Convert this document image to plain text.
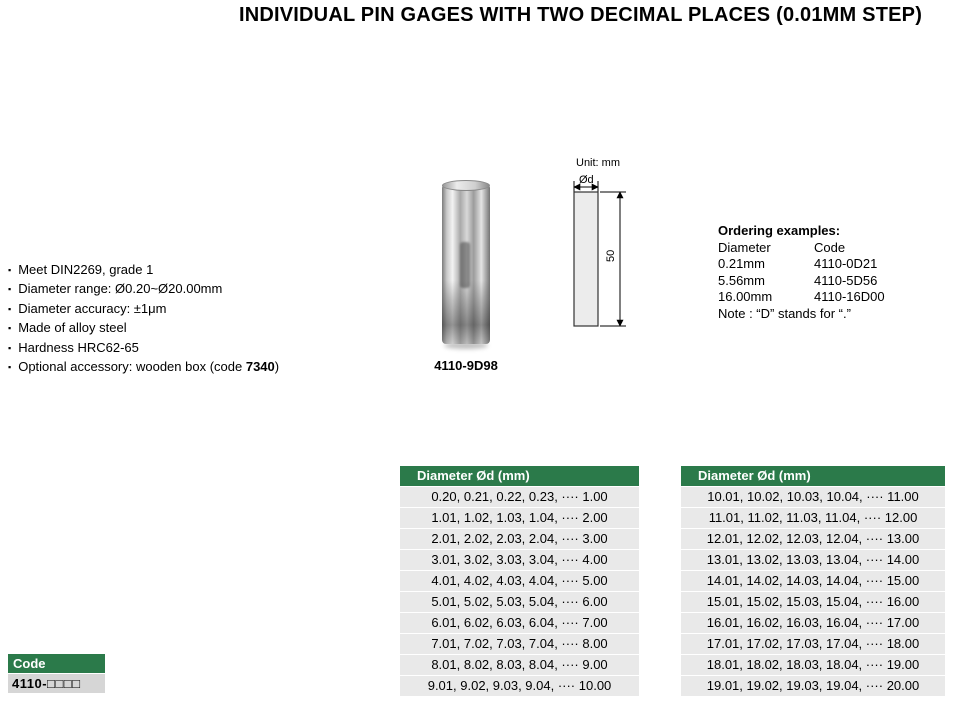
INDIVIDUAL PIN GAGES WITH TWO DECIMAL PLACES (0.01MM STEP)
▪ Meet DIN2269, grade 1
▪ Diameter range: Ø0.20~Ø20.00mm
▪ Diameter accuracy: ±1μm
▪ Made of alloy steel
▪ Hardness HRC62-65
▪ Optional accessory: wooden box (code 7340)	4110-9D98
Unit: mm
Ød
50
Ordering examples:
Diameter	Code
0.21mm	4110-0D21
5.56mm	4110-5D56
16.00mm	4110-16D00
Note : “D” stands for “.”
Diameter Ød (mm)
0.20, 0.21, 0.22, 0.23, ···· 1.00
1.01, 1.02, 1.03, 1.04, ···· 2.00
2.01, 2.02, 2.03, 2.04, ···· 3.00
3.01, 3.02, 3.03, 3.04, ···· 4.00
4.01, 4.02, 4.03, 4.04, ···· 5.00
5.01, 5.02, 5.03, 5.04, ···· 6.00
6.01, 6.02, 6.03, 6.04, ···· 7.00
7.01, 7.02, 7.03, 7.04, ···· 8.00
8.01, 8.02, 8.03, 8.04, ···· 9.00
9.01, 9.02, 9.03, 9.04, ···· 10.00
Diameter Ød (mm)
10.01, 10.02, 10.03, 10.04, ···· 11.00
11.01, 11.02, 11.03, 11.04, ···· 12.00
12.01, 12.02, 12.03, 12.04, ···· 13.00
13.01, 13.02, 13.03, 13.04, ···· 14.00
14.01, 14.02, 14.03, 14.04, ···· 15.00
15.01, 15.02, 15.03, 15.04, ···· 16.00
16.01, 16.02, 16.03, 16.04, ···· 17.00
17.01, 17.02, 17.03, 17.04, ···· 18.00
18.01, 18.02, 18.03, 18.04, ···· 19.00
19.01, 19.02, 19.03, 19.04, ···· 20.00
Code
4110-□□□□
